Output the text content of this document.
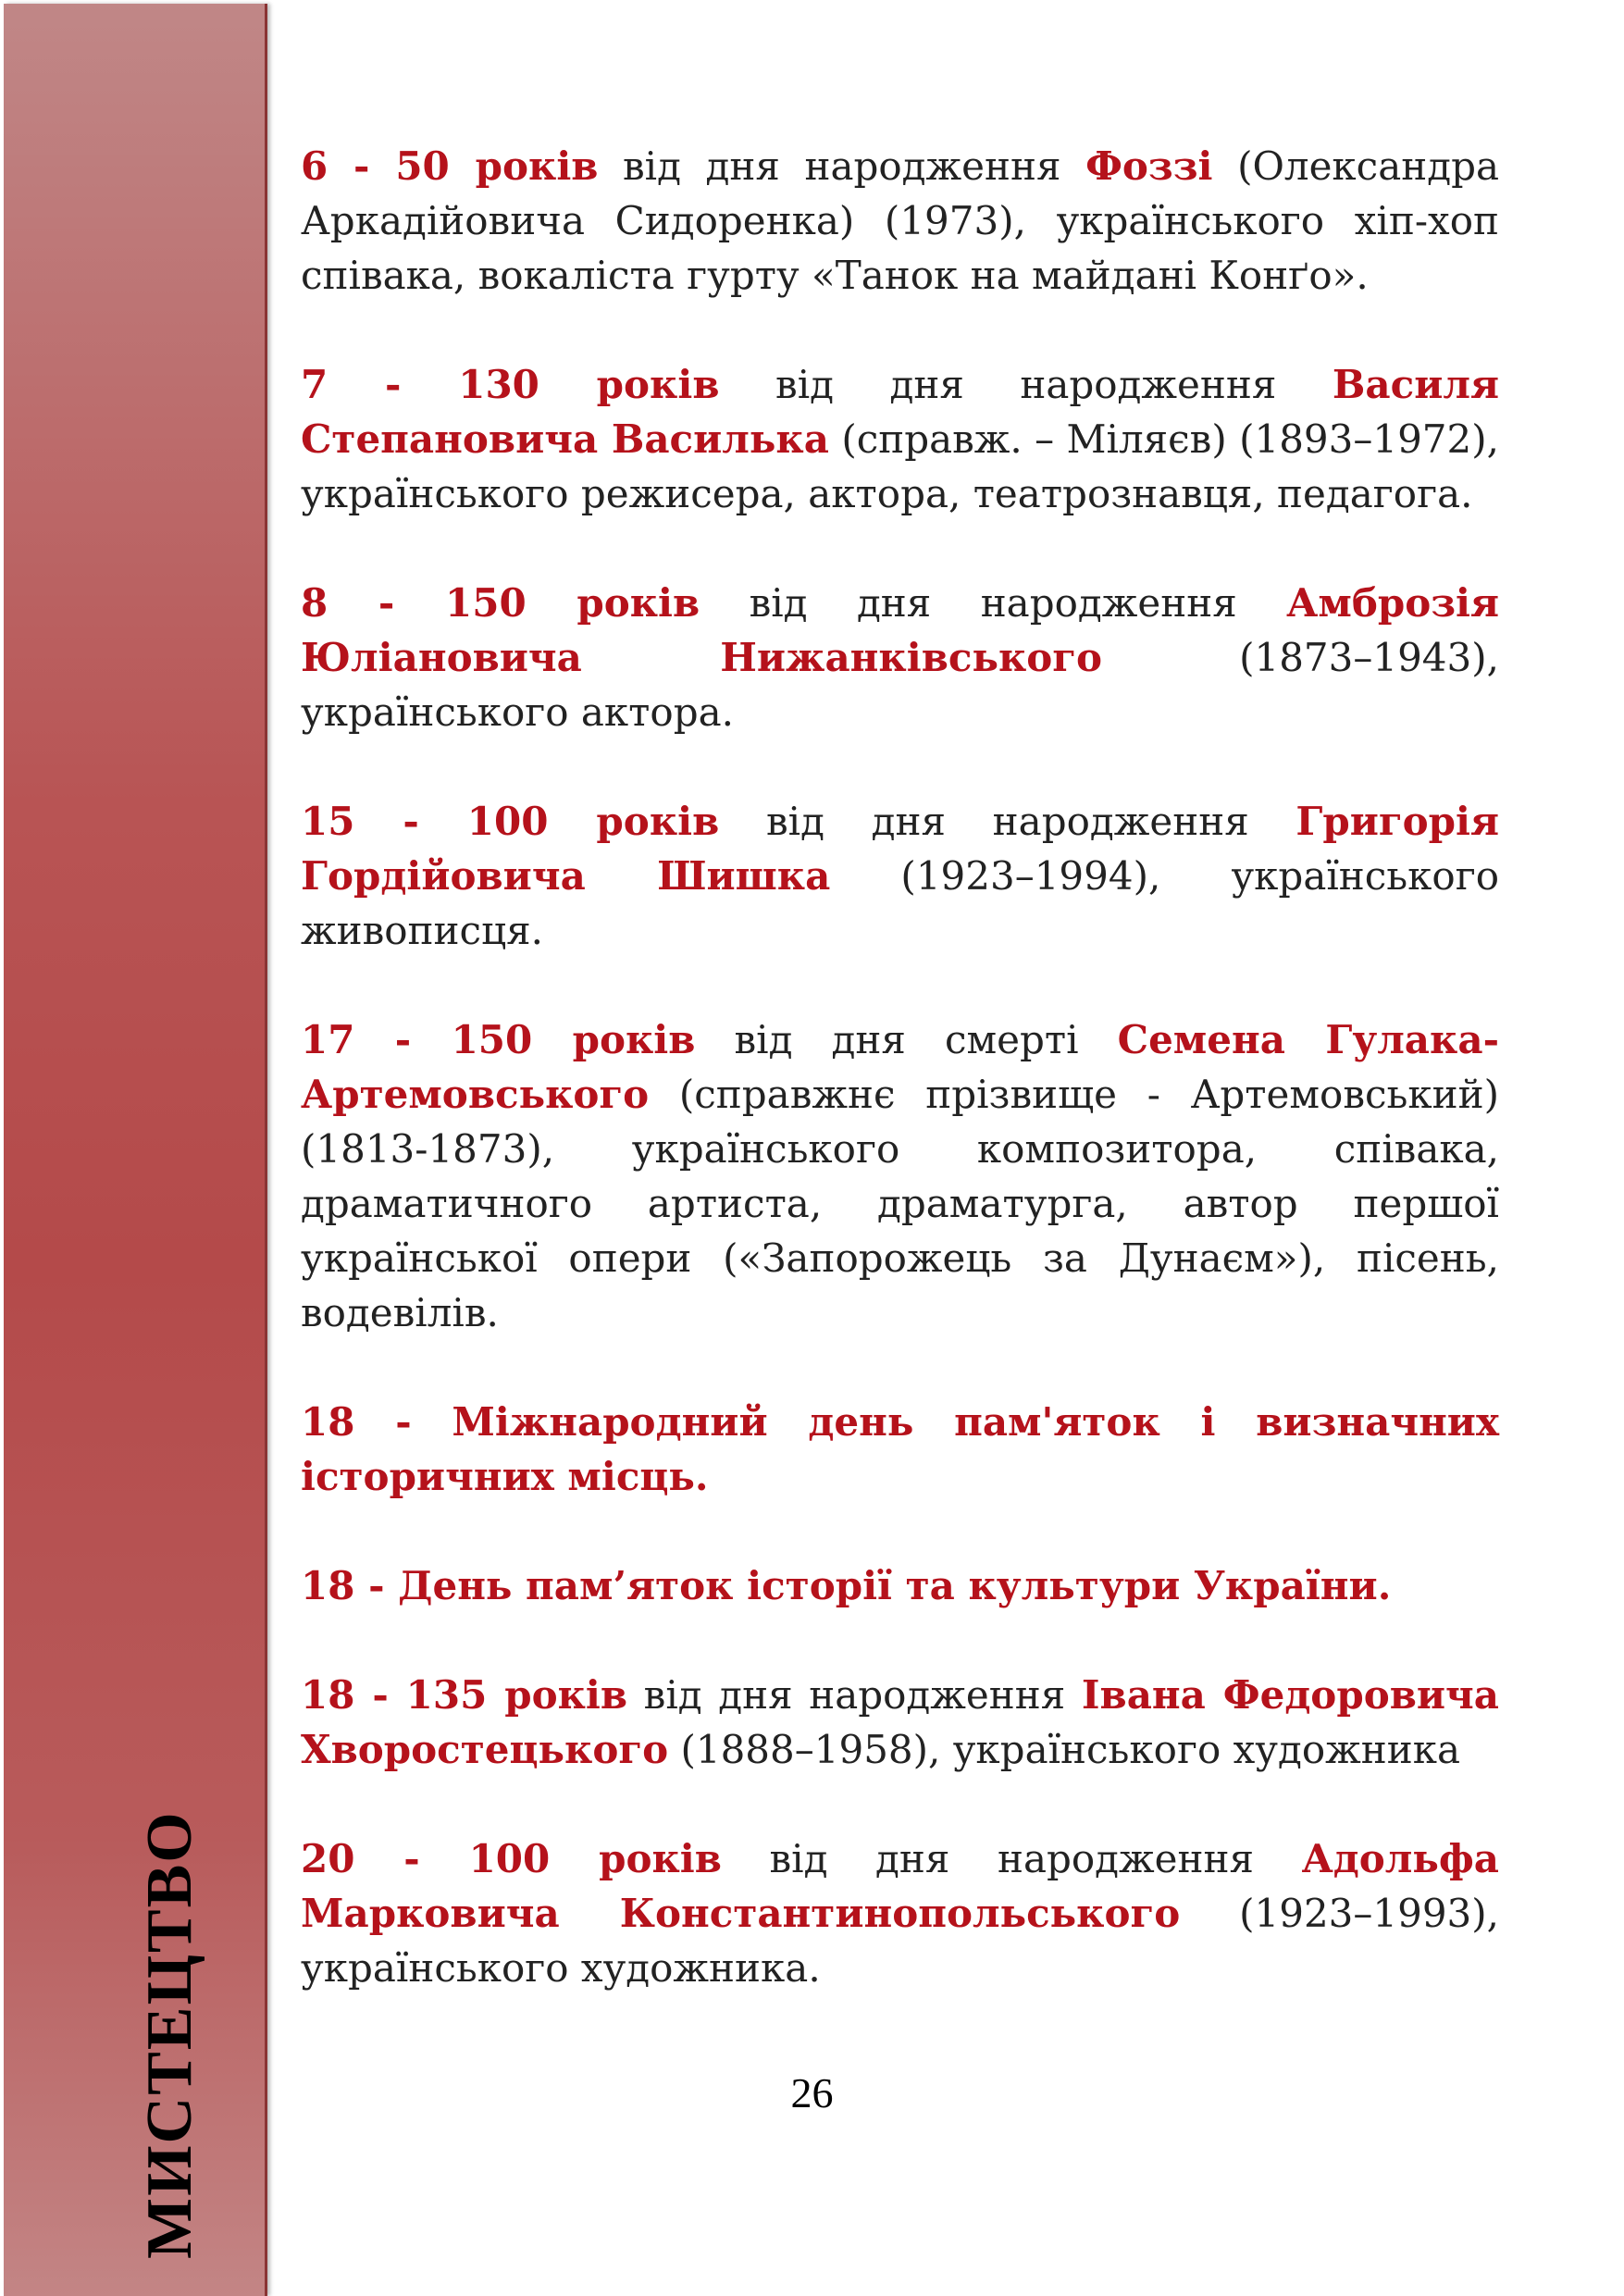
МИСТЕЦТВО

6 - 50 років від дня народження Фоззі (Олександра Аркадійовича Сидоренка) (1973), українського хіп-хоп співака, вокаліста гурту «Танок на майдані Конґо».

7 - 130 років від дня народження Василя Степановича Василька (справж. – Міляєв) (1893–1972), українського режисера, актора, театрознавця, педагога.

8 - 150 років від дня народження Амброзія Юліановича Нижанківського (1873–1943), українського актора.

15 - 100 років від дня народження Григорія Гордійовича Шишка (1923–1994), українського живописця.

17 - 150 років від дня смерті Семена Гулака-Артемовського (справжнє прізвище - Артемовський) (1813-1873), українського композитора, співака, драматичного артиста, драматурга, автор першої української опери («Запорожець за Дунаєм»), пісень, водевілів.

18 - Міжнародний день пам'яток і визначних історичних місць.

18 - День пам’яток історії та культури України.

18 - 135 років від дня народження Івана Федоровича Хворостецького (1888–1958), українського художника

20 - 100 років від дня народження Адольфа Марковича Константинопольського (1923–1993), українського художника.

26
